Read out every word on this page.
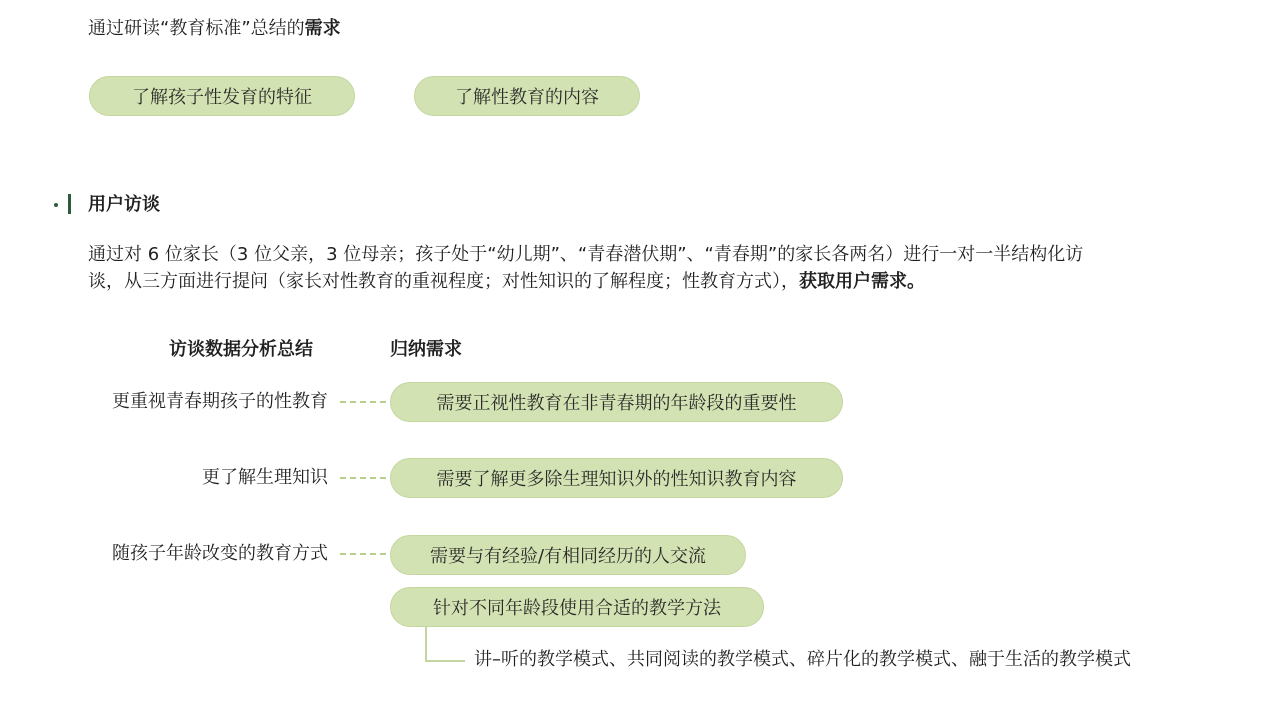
通过研读“教育标准”总结的需求
了解孩子性发育的特征	了解性教育的内容
用户访谈
通过对 6 位家长（3 位父亲，3 位母亲；孩子处于“幼儿期”、“青春潜伏期”、“青春期”的家长各两名）进行一对一半结构化访
谈，从三方面进行提问（家长对性教育的重视程度；对性知识的了解程度；性教育方式），获取用户需求。
访谈数据分析总结	归纳需求
更重视青春期孩子的性教育	需要正视性教育在非青春期的年龄段的重要性
更了解生理知识	需要了解更多除生理知识外的性知识教育内容
随孩子年龄改变的教育方式	需要与有经验/有相同经历的人交流
针对不同年龄段使用合适的教学方法
讲–听的教学模式、共同阅读的教学模式、碎片化的教学模式、融于生活的教学模式
